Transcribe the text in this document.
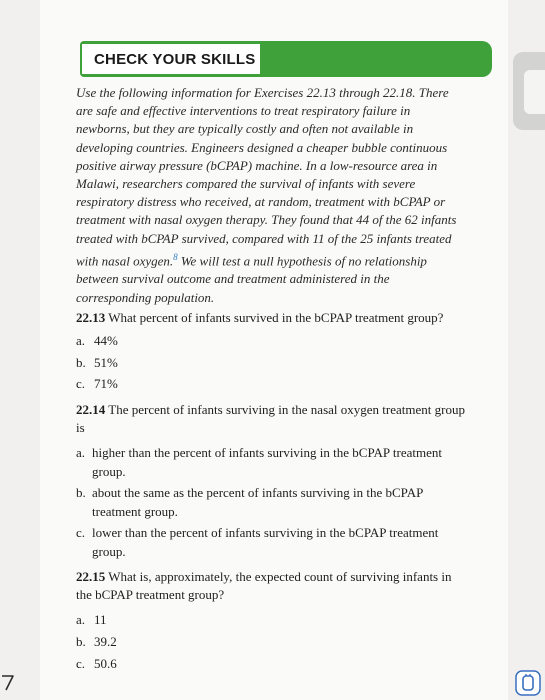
CHECK YOUR SKILLS
Use the following information for Exercises 22.13 through 22.18. There
are safe and effective interventions to treat respiratory failure in
newborns, but they are typically costly and often not available in
developing countries. Engineers designed a cheaper bubble continuous
positive airway pressure (bCPAP) machine. In a low-resource area in
Malawi, researchers compared the survival of infants with severe
respiratory distress who received, at random, treatment with bCPAP or
treatment with nasal oxygen therapy. They found that 44 of the 62 infants
treated with bCPAP survived, compared with 11 of the 25 infants treated
with nasal oxygen.$^8$ We will test a null hypothesis of no relationship
between survival outcome and treatment administered in the
corresponding population.
22.13 What percent of infants survived in the bCPAP treatment group?
a. 44%
b. 51%
c. 71%
22.14 The percent of infants surviving in the nasal oxygen treatment group
is
a. higher than the percent of infants surviving in the bCPAP treatment
group.
b. about the same as the percent of infants surviving in the bCPAP
treatment group.
c. lower than the percent of infants surviving in the bCPAP treatment
group.
22.15 What is, approximately, the expected count of surviving infants in
the bCPAP treatment group?
a. 11
b. 39.2
c. 50.6
